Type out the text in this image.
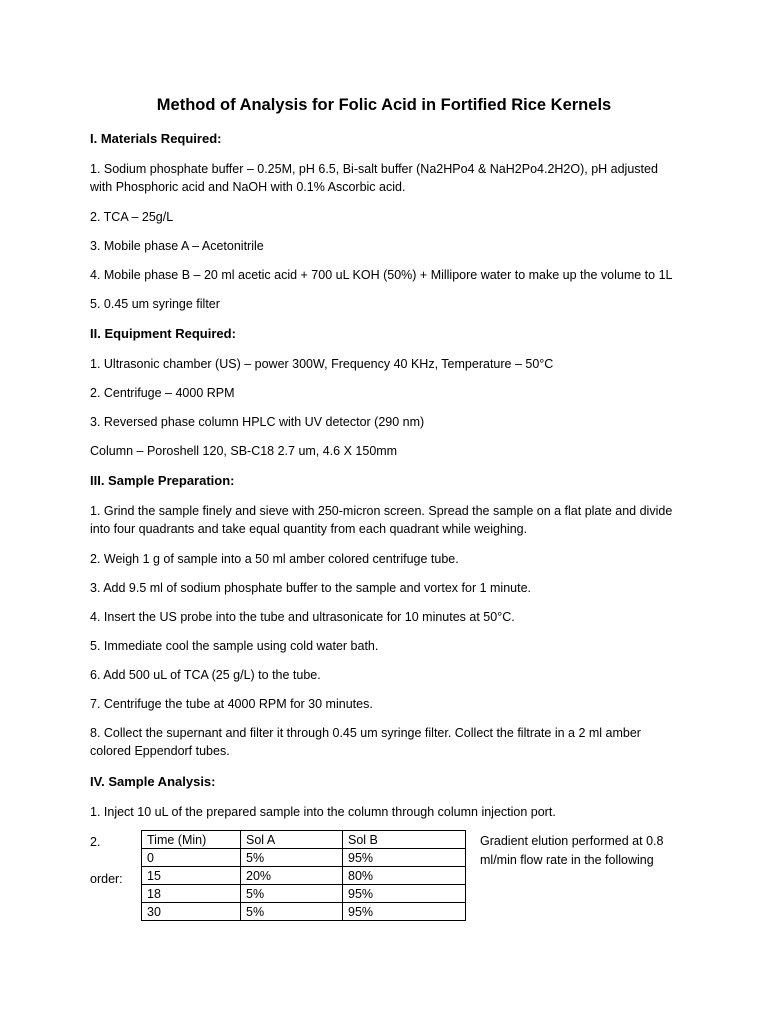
Method of Analysis for Folic Acid in Fortified Rice Kernels

I. Materials Required:

1. Sodium phosphate buffer – 0.25M, pH 6.5, Bi-salt buffer (Na2HPo4 & NaH2Po4.2H2O), pH adjusted with Phosphoric acid and NaOH with 0.1% Ascorbic acid.

2. TCA – 25g/L

3. Mobile phase A – Acetonitrile

4. Mobile phase B – 20 ml acetic acid + 700 uL KOH (50%) + Millipore water to make up the volume to 1L

5. 0.45 um syringe filter

II. Equipment Required:

1. Ultrasonic chamber (US) – power 300W, Frequency 40 KHz, Temperature – 50°C

2. Centrifuge – 4000 RPM

3. Reversed phase column HPLC with UV detector (290 nm)

Column – Poroshell 120, SB-C18 2.7 um, 4.6 X 150mm

III. Sample Preparation:

1. Grind the sample finely and sieve with 250-micron screen. Spread the sample on a flat plate and divide into four quadrants and take equal quantity from each quadrant while weighing.

2. Weigh 1 g of sample into a 50 ml amber colored centrifuge tube.

3. Add 9.5 ml of sodium phosphate buffer to the sample and vortex for 1 minute.

4. Insert the US probe into the tube and ultrasonicate for 10 minutes at 50°C.

5. Immediate cool the sample using cold water bath.

6. Add 500 uL of TCA (25 g/L) to the tube.

7. Centrifuge the tube at 4000 RPM for 30 minutes.

8. Collect the supernant and filter it through 0.45 um syringe filter. Collect the filtrate in a 2 ml amber colored Eppendorf tubes.

IV. Sample Analysis:

1. Inject 10 uL of the prepared sample into the column through column injection port.

2.

order:

Time (Min)	Sol A	Sol B
0	5%	95%
15	20%	80%
18	5%	95%
30	5%	95%

Gradient elution performed at 0.8 ml/min flow rate in the following
